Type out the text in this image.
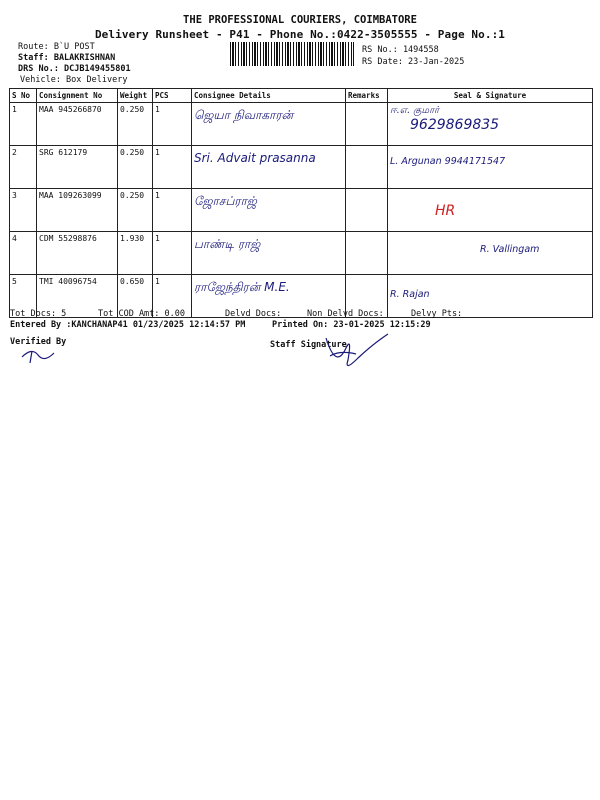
THE PROFESSIONAL COURIERS, COIMBATORE
Delivery Runsheet - P41 - Phone No.:0422-3505555 - Page No.:1
Route: B`U POST
Staff: BALAKRISHNAN
DRS No.: DCJB149455801
Vehicle: Box Delivery
RS No.: 1494558
RS Date: 23-Jan-2025
S No	Consignment No	Weight	PCS	Consignee Details	Remarks	Seal & Signature
1	MAA 945266870	0.250	1	ஜெயா நிவாகாரன்		ஈ.எ. குமார்
9629869835

2	SRG 612179	0.250	1	Sri. Advait prasanna		L. Argunan 9944171547

3	MAA 109263099	0.250	1	ஜோசப்ராஜ்		HR

4	CDM 55298876	1.930	1	பாண்டி ராஜ்		R. Vallingam

5	TMI 40096754	0.650	1	ராஜேந்திரன் M.E.		R. Rajan
Tot Docs: 5	Tot COD Amt: 0.00	Delvd Docs:	Non Delvd Docs:	Delvy Pts:
Entered By :KANCHANAP41 01/23/2025 12:14:57 PM	Printed On: 23-01-2025 12:15:29
Verified By	Staff Signature
